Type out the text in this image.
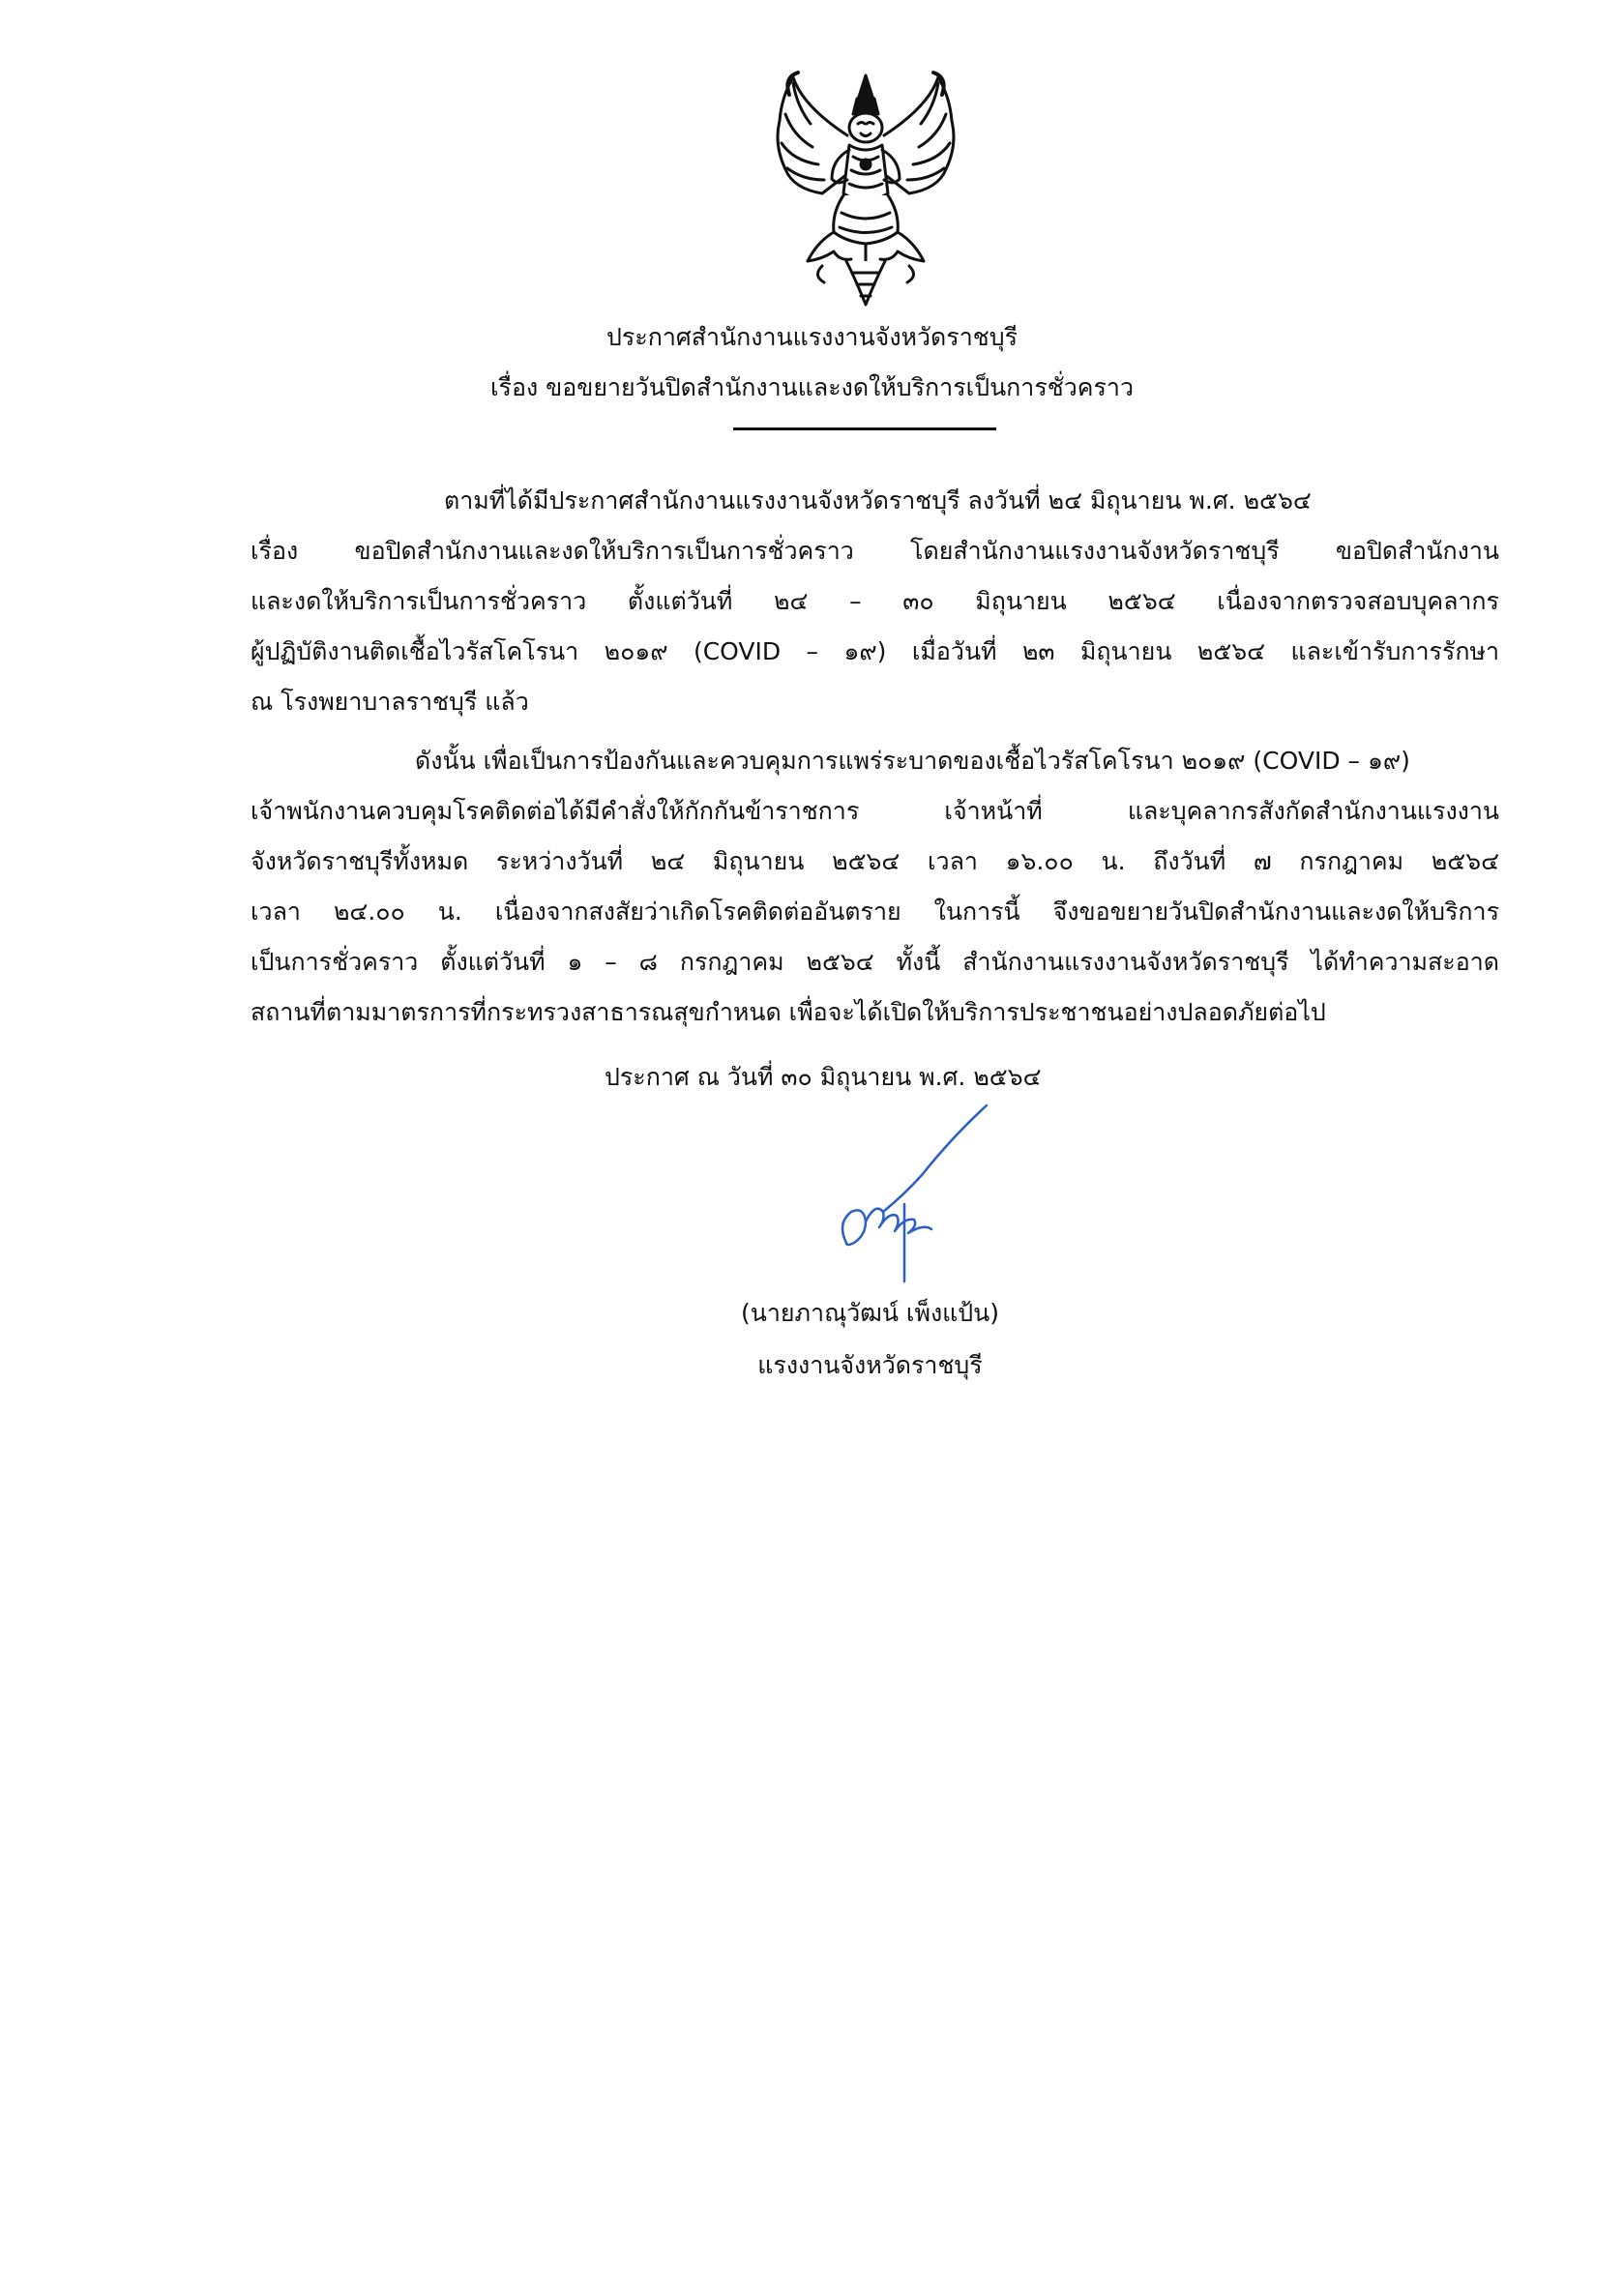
ประกาศสำนักงานแรงงานจังหวัดราชบุรี
เรื่อง ขอขยายวันปิดสำนักงานและงดให้บริการเป็นการชั่วคราว
ตามที่ได้มีประกาศสำนักงานแรงงานจังหวัดราชบุรี ลงวันที่ ๒๔ มิถุนายน พ.ศ. ๒๕๖๔
เรื่อง ขอปิดสำนักงานและงดให้บริการเป็นการชั่วคราว โดยสำนักงานแรงงานจังหวัดราชบุรี ขอปิดสำนักงาน
และงดให้บริการเป็นการชั่วคราว ตั้งแต่วันที่ ๒๔ – ๓๐ มิถุนายน ๒๕๖๔ เนื่องจากตรวจสอบบุคลากร
ผู้ปฏิบัติงานติดเชื้อไวรัสโคโรนา ๒๐๑๙ (COVID – ๑๙) เมื่อวันที่ ๒๓ มิถุนายน ๒๕๖๔ และเข้ารับการรักษา
ณ โรงพยาบาลราชบุรี แล้ว
ดังนั้น เพื่อเป็นการป้องกันและควบคุมการแพร่ระบาดของเชื้อไวรัสโคโรนา ๒๐๑๙ (COVID – ๑๙)
เจ้าพนักงานควบคุมโรคติดต่อได้มีคำสั่งให้กักกันข้าราชการ เจ้าหน้าที่ และบุคลากรสังกัดสำนักงานแรงงาน
จังหวัดราชบุรีทั้งหมด ระหว่างวันที่ ๒๔ มิถุนายน ๒๕๖๔ เวลา ๑๖.๐๐ น. ถึงวันที่ ๗ กรกฎาคม ๒๕๖๔
เวลา ๒๔.๐๐ น. เนื่องจากสงสัยว่าเกิดโรคติดต่ออันตราย ในการนี้ จึงขอขยายวันปิดสำนักงานและงดให้บริการ
เป็นการชั่วคราว ตั้งแต่วันที่ ๑ – ๘ กรกฎาคม ๒๕๖๔ ทั้งนี้ สำนักงานแรงงานจังหวัดราชบุรี ได้ทำความสะอาด
สถานที่ตามมาตรการที่กระทรวงสาธารณสุขกำหนด เพื่อจะได้เปิดให้บริการประชาชนอย่างปลอดภัยต่อไป
ประกาศ ณ วันที่ ๓๐ มิถุนายน พ.ศ. ๒๕๖๔
(นายภาณุวัฒน์ เพ็งแป้น)
แรงงานจังหวัดราชบุรี
